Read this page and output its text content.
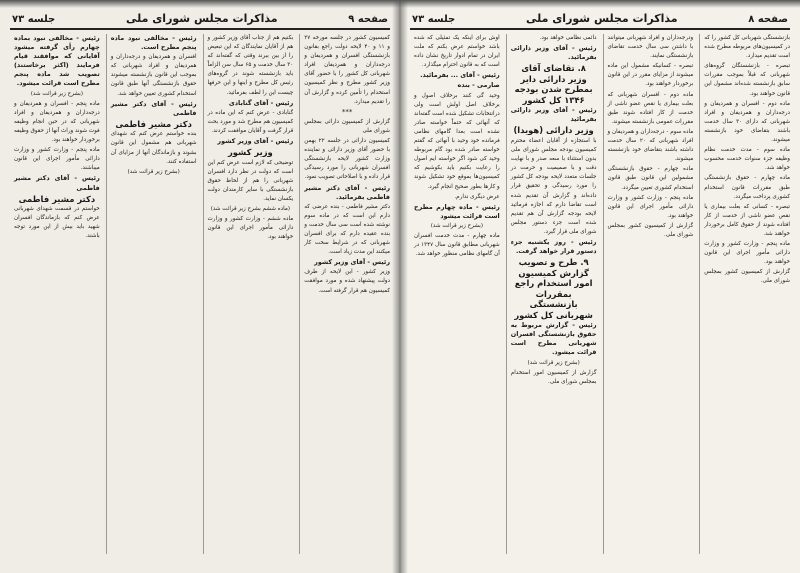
صفحه ۹
مذاکرات مجلس شورای ملی
جلسه ۷۳

کمیسیون کشور در جلسه مورخه ۲۷ و ۱۱ و ۴۰ لایحه دولت راجع بقانون بازنشستگی افسران و همردیفان و درجه‌داران و همردیفان افراد شهربانی کل کشور را با حضور آقای وزیر کشور مطرح و نظر کمیسیون استخدام را تأمین کرده و گزارش آن را تقدیم میدارد.

***

گزارش از کمیسیون دارائی بمجلس شورای ملی

کمیسیون دارائی در جلسه ۲۲ بهمن با حضور آقای وزیر دارائی و نماینده وزارت کشور لایحه بازنشستگی افسران شهربانی را مورد رسیدگی قرار داده و با اصلاحاتی تصویب نمود.

رئیس - آقای دکتر مشیر فاطمی بفرمائید.

دکتر مشیر فاطمی - بنده عرضی که دارم این است که در ماده سوم نوشته شده است سی سال خدمت و بنده عقیده دارم که برای افسران شهربانی که در شرایط سخت کار میکنند این مدت زیاد است.

رئیس - آقای وزیر کشور

وزیر کشور - این لایحه از طرف دولت پیشنهاد شده و مورد موافقت کمیسیون هم قرار گرفته است.

بکنیم هم از جناب آقای وزیر کشور و هم از آقایان نمایندگان که این تبعیض را از بین ببرند وقتی که گفته‌اند که ۳۰ سال خدمت و ۶۵ سال سن الزاماً باید بازنشسته شوند در گروه‌های رئیس کل مطرح و اینها و این حرفها چیست این را لطف بفرمائید.

رئیس - آقای گنابادی

گنابادی - عرض کنم که این ماده در کمیسیون هم مطرح شد و مورد بحث قرار گرفت و آقایان موافقت کردند.

رئیس - آقای وزیر کشور

وزیر کشور

توضیحی که لازم است عرض کنم این است که دولت در نظر دارد افسران شهربانی را هم از لحاظ حقوق بازنشستگی با سایر کارمندان دولت یکسان نماید.

(ماده ششم بشرح زیر قرائت شد)

ماده ششم - وزارت کشور و وزارت دارائی مأمور اجرای این قانون خواهند بود.

رئیس - مخالفی نبود ماده پنجم مطرح است.

افسران و همردیفان و درجه‌داران و همردیفان و افراد شهربانی که بموجب این قانون بازنشسته میشوند حقوق بازنشستگی آنها طبق قانون استخدام کشوری تعیین خواهد شد.

رئیس - آقای دکتر مشیر فاطمی

دکتر مشیر فاطمی

بنده خواستم عرض کنم که شهدای شهربانی هم مشمول این قانون بشوند و بازماندگان آنها از مزایای آن استفاده کنند.

(بشرح زیر قرائت شد)

رئیس - مخالفی نبود بماده چهارم رأی گرفته میشود آقایانی که موافقند قیام فرمایند (اکثر برخاستند) تصویب شد ماده پنجم مطرح است قرائت میشود.

(بشرح زیر قرائت شد)

ماده پنجم - افسران و همردیفان و درجه‌داران و همردیفان و افراد شهربانی که در حین انجام وظیفه فوت شوند وراث آنها از حقوق وظیفه برخوردار خواهند بود.

ماده پنجم - وزارت کشور و وزارت دارائی مأمور اجرای این قانون میباشند.

رئیس - آقای دکتر مشیر فاطمی

دکتر مشیر فاطمی

خواستم در قسمت شهدای شهربانی عرض کنم که بازماندگان افسران شهید باید بیش از این مورد توجه باشند.

صفحه ۸
مذاکرات مجلس شورای ملی
جلسه ۷۳

بازنشستگی شهربانی کل کشور را که در کمیسیون‌های مربوطه مطرح شده است تقدیم میدارد.

تبصره - بازنشستگان گروه‌های شهربانی که قبلاً بموجب مقررات سابق بازنشسته شده‌اند مشمول این قانون خواهند بود.

ماده دوم - افسران و همردیفان و درجه‌داران و همردیفان و افراد شهربانی که دارای ۳۰ سال خدمت باشند بتقاضای خود بازنشسته میشوند.

ماده سوم - مدت خدمت نظام وظیفه جزء سنوات خدمت محسوب خواهد شد.

ماده چهارم - حقوق بازنشستگی طبق مقررات قانون استخدام کشوری پرداخت میگردد.

تبصره - کسانی که بعلت بیماری یا نقص عضو ناشی از خدمت از کار افتاده شوند از حقوق کامل برخوردار خواهند شد.

ماده پنجم - وزارت کشور و وزارت دارائی مأمور اجرای این قانون خواهند بود.

گزارش از کمیسیون کشور بمجلس شورای ملی.

ودرجه‌داران و افراد شهربانی میتوانند با داشتن سی سال خدمت تقاضای بازنشستگی نمایند.

تبصره - کسانیکه مشمول این ماده میشوند از مزایای مقرر در این قانون برخوردار خواهند بود.

ماده دوم - افسران شهربانی که بعلت بیماری یا نقص عضو ناشی از خدمت از کار افتاده شوند طبق مقررات عمومی بازنشسته میشوند.

ماده سوم - درجه‌داران و همردیفان و افراد شهربانی که ۲۰ سال خدمت داشته باشند بتقاضای خود بازنشسته میشوند.

ماده چهارم - حقوق بازنشستگی مشمولین این قانون طبق قانون استخدام کشوری تعیین میگردد.

ماده پنجم - وزارت کشور و وزارت دارائی مأمور اجرای این قانون خواهند بود.

گزارش از کمیسیون کشور بمجلس شورای ملی.

دائمی نظامی خواهد بود.

رئیس - آقای وزیر دارائی بفرمائید.

۸. تقاضای آقای وزیر دارائی دایر بمطرح شدن بودجه ۱۳۴۶ کل کشور

رئیس - آقای وزیر دارائی بفرمائید

وزیر دارائی (هویدا)

با استجازه از آقایان اعضاء محترم کمیسیون بودجه مجلس شورای ملی بدون استثناء با سعه صدر و با نهایت دقت و با صمیمیت و حرمت در جلسات متعدد لایحه بودجه کل کشور را مورد رسیدگی و تحقیق قرار داده‌اند و گزارش آن تقدیم شده است تقاضا دارم که اجازه فرمائید لایحه بودجه گزارش آن هم تقدیم شده است جزء دستور مجلس شورای ملی قرار گیرد.

رئیس - روز یکشنبه جزء دستور قرار خواهد گرفت.

۹. طرح و تصویب گزارش کمیسیون امور استخدام راجع بمقررات بازنشستگی شهربانی کل کشور

رئیس - گزارش مربوط به حقوق بازنشستگی افسران شهربانی مطرح است قرائت میشود.

(بشرح زیر قرائت شد)

گزارش از کمیسیون امور استخدام بمجلس شورای ملی.

اوش برای اینکه یک تمثیلی که شده باشد خواستم عرض بکنم که ملت ایران در تمام ادوار تاریخ نشان داده است که به قانون احترام میگذارد.

رئیس - آقای ... بفرمائید.

صارمی - بنده

وحید گی کنند برخلاف اصول و برخلاف اصل اولش است ولی درانتخابات تشکیل شده است گفته‌اند که آنهائی که حتماً خواسته صادر نشده است بعدا گامهای نظامی فرمانده خود وحید با آنهائی که گفتم خواسته صادر شده بود گام مربوطه وحید کی شود اگر خواسته ایم اصول را رعایت بکنیم باید بکوشیم که کمیسیون‌ها بموقع خود تشکیل شوند و کارها بطور صحیح انجام گیرد.

عرض دیگری ندارم.

رئیس - ماده چهارم مطرح است قرائت میشود

(بشرح زیر قرائت شد)

ماده چهارم - مدت خدمت افسران شهربانی مطابق قانون سال ۱۳۴۷ در آن گامهای نظامی منظور خواهد شد.
